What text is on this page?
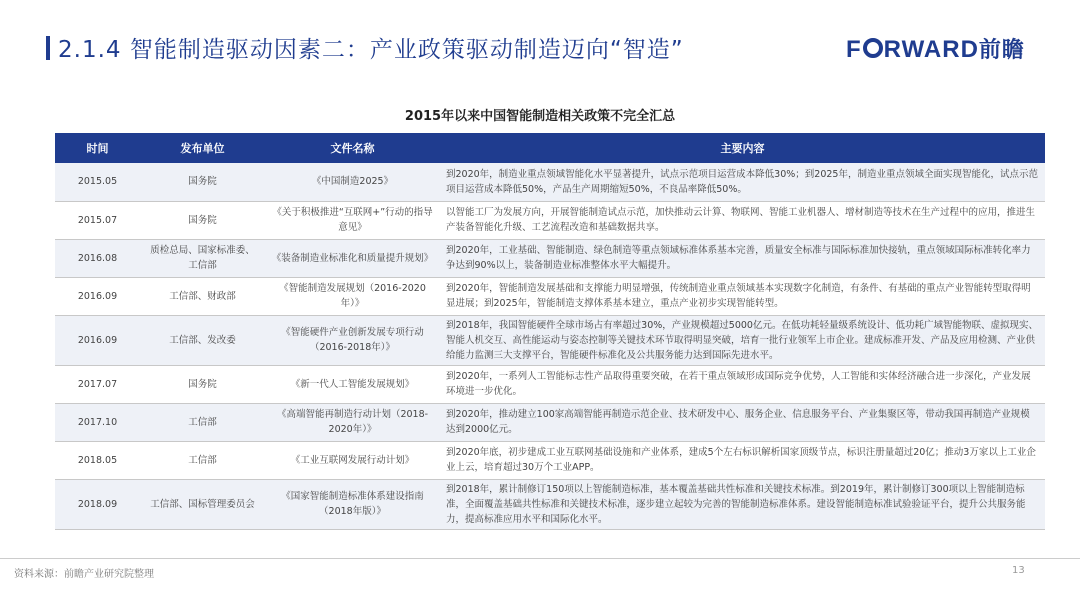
2.1.4 智能制造驱动因素二：产业政策驱动制造迈向“智造”	F RWARD前瞻
2015年以来中国智能制造相关政策不完全汇总
时间	发布单位	文件名称	主要内容
2015.05	国务院	《中国制造2025》	到2020年，制造业重点领域智能化水平显著提升，试点示范项目运营成本降低30%；到2025年，制造业重点领域全面实现智能化，试点示范项目运营成本降低50%，产品生产周期缩短50%，不良品率降低50%。
2015.07	国务院	《关于积极推进“互联网+”行动的指导意见》	以智能工厂为发展方向，开展智能制造试点示范，加快推动云计算、物联网、智能工业机器人、增材制造等技术在生产过程中的应用，推进生产装备智能化升级、工艺流程改造和基础数据共享。
2016.08	质检总局、国家标准委、工信部	《装备制造业标准化和质量提升规划》	到2020年，工业基础、智能制造、绿色制造等重点领域标准体系基本完善，质量安全标准与国际标准加快接轨，重点领域国际标准转化率力争达到90%以上，装备制造业标准整体水平大幅提升。
2016.09	工信部、财政部	《智能制造发展规划（2016-2020年）》	到2020年，智能制造发展基础和支撑能力明显增强，传统制造业重点领域基本实现数字化制造，有条件、有基础的重点产业智能转型取得明显进展；到2025年，智能制造支撑体系基本建立，重点产业初步实现智能转型。
2016.09	工信部、发改委	《智能硬件产业创新发展专项行动（2016-2018年）》	到2018年，我国智能硬件全球市场占有率超过30%，产业规模超过5000亿元。在低功耗轻量级系统设计、低功耗广域智能物联、虚拟现实、智能人机交互、高性能运动与姿态控制等关键技术环节取得明显突破，培育一批行业领军上市企业。建成标准开发、产品及应用检测、产业供给能力监测三大支撑平台，智能硬件标准化及公共服务能力达到国际先进水平。
2017.07	国务院	《新一代人工智能发展规划》	到2020年，一系列人工智能标志性产品取得重要突破，在若干重点领域形成国际竞争优势，人工智能和实体经济融合进一步深化，产业发展环境进一步优化。
2017.10	工信部	《高端智能再制造行动计划（2018-2020年）》	到2020年，推动建立100家高端智能再制造示范企业、技术研发中心、服务企业、信息服务平台、产业集聚区等，带动我国再制造产业规模达到2000亿元。
2018.05	工信部	《工业互联网发展行动计划》	到2020年底，初步建成工业互联网基础设施和产业体系，建成5个左右标识解析国家顶级节点，标识注册量超过20亿；推动3万家以上工业企业上云，培育超过30万个工业APP。
2018.09	工信部、国标管理委员会	《国家智能制造标准体系建设指南（2018年版）》	到2018年，累计制修订150项以上智能制造标准，基本覆盖基础共性标准和关键技术标准。到2019年，累计制修订300项以上智能制造标准，全面覆盖基础共性标准和关键技术标准，逐步建立起较为完善的智能制造标准体系。建设智能制造标准试验验证平台，提升公共服务能力，提高标准应用水平和国际化水平。
资料来源：前瞻产业研究院整理	13
